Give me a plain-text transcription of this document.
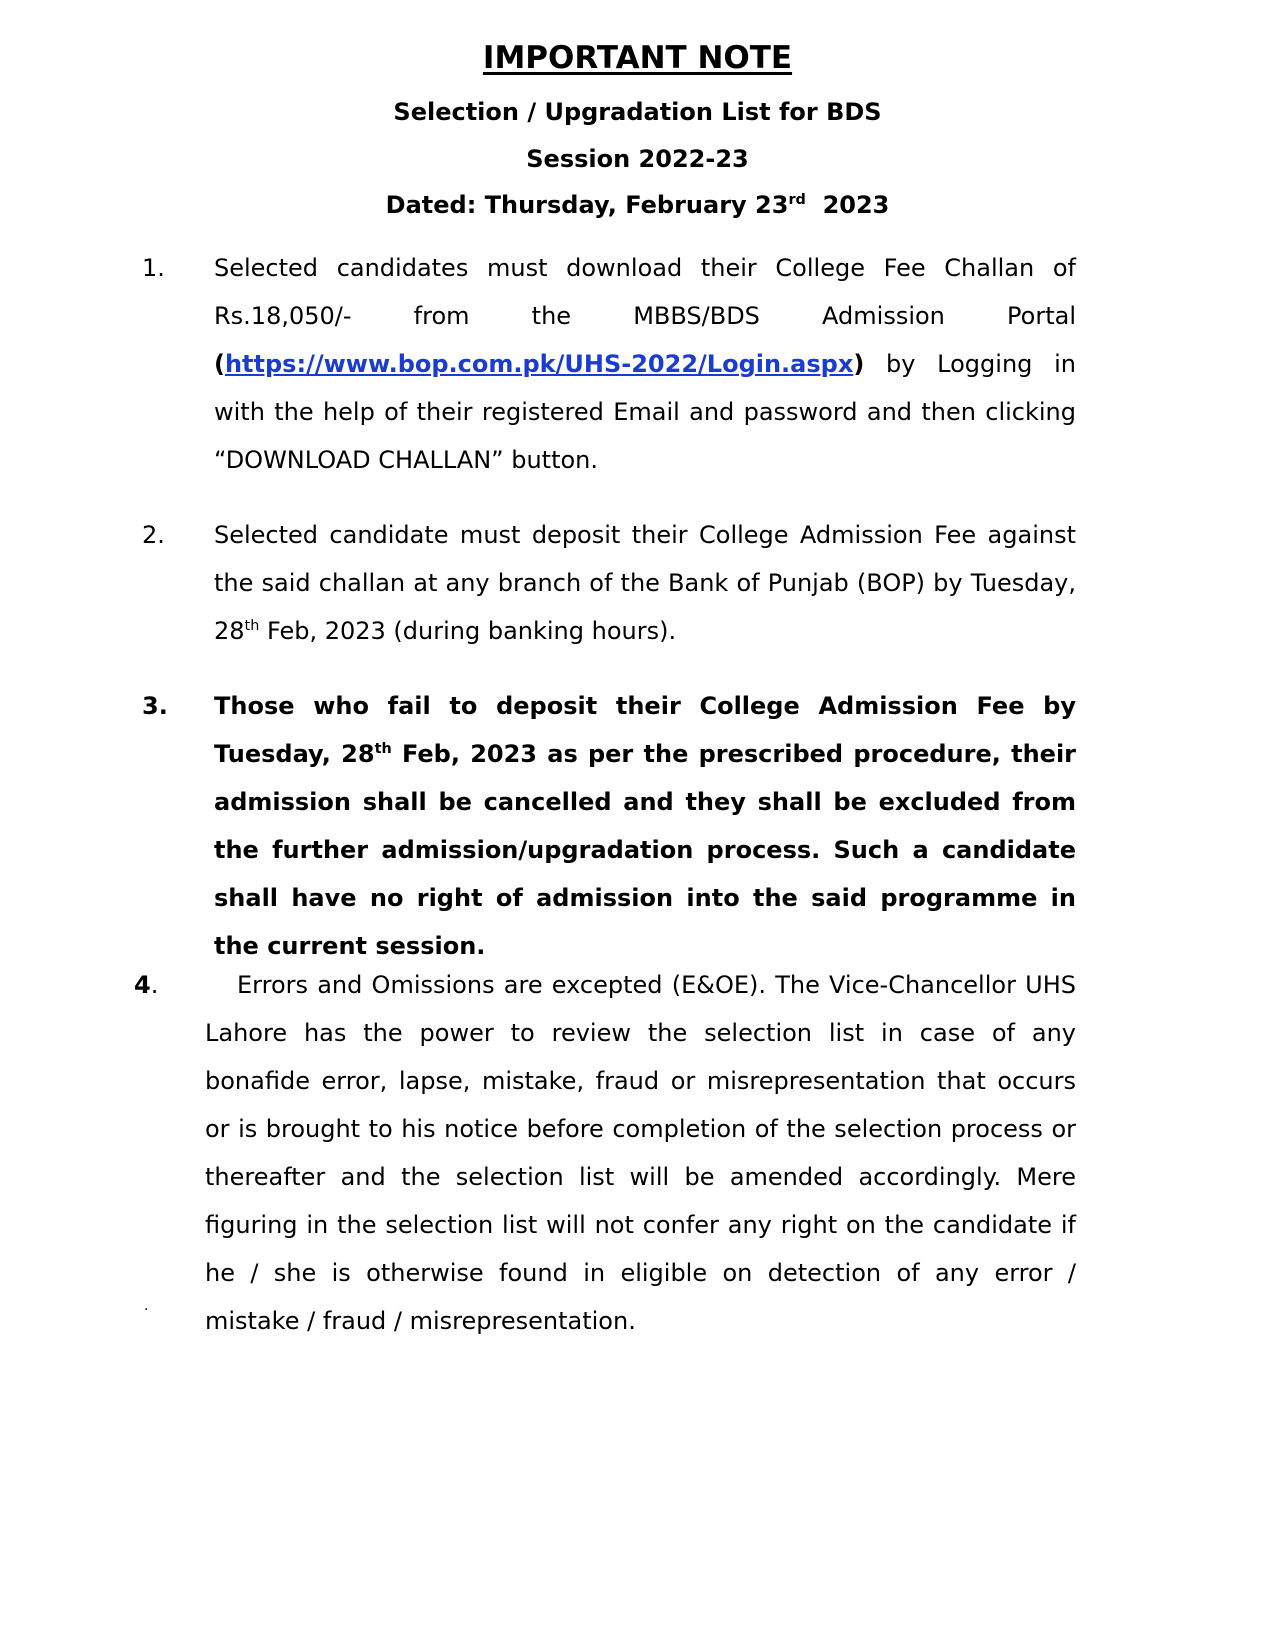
IMPORTANT NOTE
Selection / Upgradation List for BDS
Session 2022-23
Dated: Thursday, February 23rd 2023
1. Selected candidates must download their College Fee Challan of
Rs.18,050/- from the MBBS/BDS Admission Portal
(https://www.bop.com.pk/UHS-2022/Login.aspx) by Logging in with the help of their registered Email and password and then clicking “DOWNLOAD CHALLAN” button.
2. Selected candidate must deposit their College Admission Fee against the said challan at any branch of the Bank of Punjab (BOP) by Tuesday, 28th Feb, 2023 (during banking hours).
3. Those who fail to deposit their College Admission Fee by Tuesday, 28th Feb, 2023 as per the prescribed procedure, their admission shall be cancelled and they shall be excluded from the further admission/upgradation process. Such a candidate shall have no right of admission into the said programme in the current session.
4.	Errors and Omissions are excepted (E&OE). The Vice-Chancellor UHS Lahore has the power to review the selection list in case of any bonafide error, lapse, mistake, fraud or misrepresentation that occurs or is brought to his notice before completion of the selection process or thereafter and the selection list will be amended accordingly. Mere figuring in the selection list will not confer any right on the candidate if he / she is otherwise found in eligible on detection of any error / mistake / fraud / misrepresentation.
.
